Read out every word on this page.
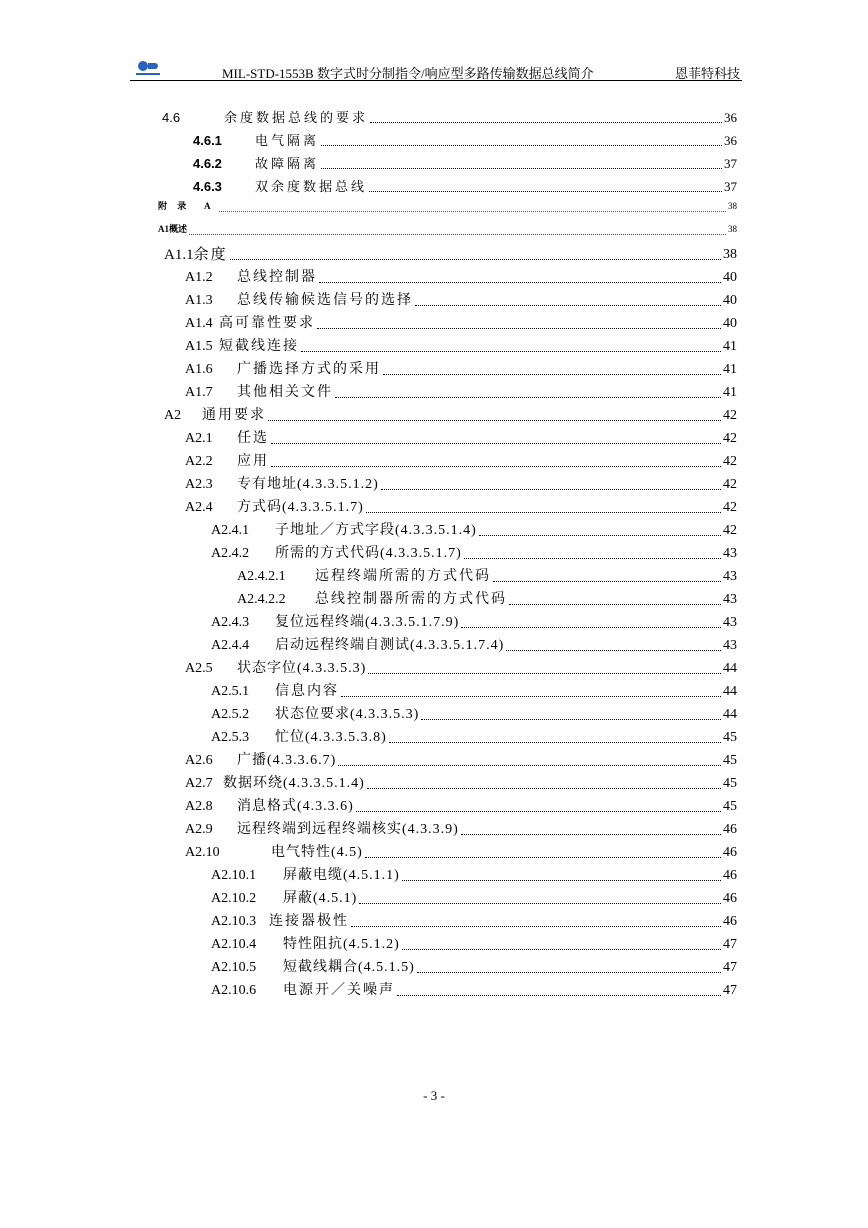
MIL-STD-1553B 数字式时分制指令/响应型多路传输数据总线简介	恩菲特科技
4.6	余度数据总线的要求	36
4.6.1	电气隔离	36
4.6.2	故障隔离	37
4.6.3	双余度数据总线	37
附 录	A	38
A1概述	38
A1.1 余度	38
A1.2	总线控制器	40
A1.3	总线传输候选信号的选择	40
A1.4 高可靠性要求	40
A1.5 短截线连接	41
A1.6	广播选择方式的采用	41
A1.7	其他相关文件	41
A2	通用要求	42
A2.1	任选	42
A2.2	应用	42
A2.3	专有地址(4.3.3.5.1.2)	42
A2.4	方式码(4.3.3.5.1.7)	42
A2.4.1	子地址／方式字段(4.3.3.5.1.4)	42
A2.4.2	所需的方式代码(4.3.3.5.1.7)	43
A2.4.2.1	远程终端所需的方式代码	43
A2.4.2.2	总线控制器所需的方式代码	43
A2.4.3	复位远程终端(4.3.3.5.1.7.9)	43
A2.4.4	启动远程终端自测试(4.3.3.5.1.7.4)	43
A2.5	状态字位(4.3.3.5.3)	44
A2.5.1	信息内容	44
A2.5.2	状态位要求(4.3.3.5.3)	44
A2.5.3	忙位(4.3.3.5.3.8)	45
A2.6	广播(4.3.3.6.7)	45
A2.7 数据环绕(4.3.3.5.1.4)	45
A2.8	消息格式(4.3.3.6)	45
A2.9	远程终端到远程终端核实(4.3.3.9)	46
A2.10	电气特性(4.5)	46
A2.10.1	屏蔽电缆(4.5.1.1)	46
A2.10.2	屏蔽(4.5.1)	46
A2.10.3 连接器极性	46
A2.10.4	特性阻抗(4.5.1.2)	47
A2.10.5	短截线耦合(4.5.1.5)	47
A2.10.6	电源开／关噪声	47
- 3 -
